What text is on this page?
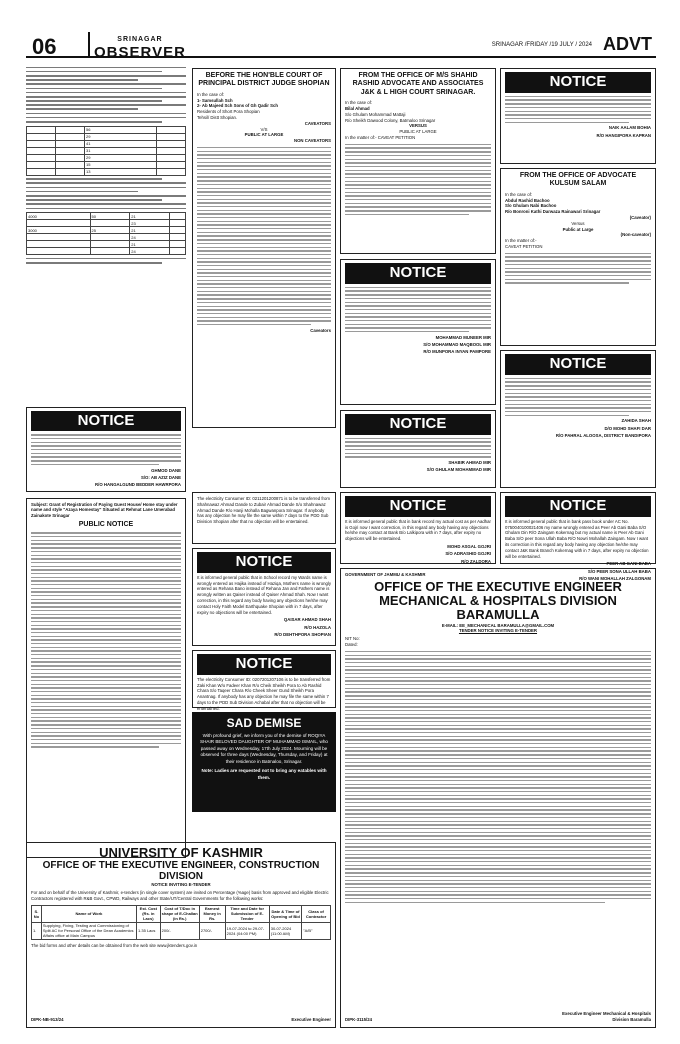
06	SRINAGAR
OBSERVER	SRINAGAR /FRIDAY /19 JULY / 2024 ADVT
		56	
		29	
		41	
		31	
		29	
		15	
		13	
4000	50	21	
		23	
3000	25	21	
		24	
		21	
		24	
NOTICE
GHMOD DANE
S/O: AB AZIZ DANE
R/O HANGALGUND BEDDER HAWRPORA
Subject: Grant of Registration of Paying Guest House/ Home stay under name and style "Azaya Homestay" Situated at Rehmat Lane Umerabad Zainakote Srinagar
PUBLIC NOTICE
BEFORE THE HON'BLE COURT OF PRINCIPAL DISTRICT JUDGE SHOPIAN
In the case of:
1- Samsullah Sch
2- Ab Majeed Sch Sons of Gh Qadir Sch
Residents of Short Pora Shopian
Tehsil/ Distt Shopian.
CAVEATORS
V/S
PUBLIC AT LARGE
NON CAVEATORS
Caveators
FROM THE OFFICE OF M/S SHAHID RASHID ADVOCATE AND ASSOCIATES J&K & L HIGH COURT SRINAGAR.
In the case of:
Bilal Ahmad
S/o Ghulam Mohammad Mattaji
R/o Sheikh Dawood Colony, Batmaloo Srinagar
VERSUS
PUBLIC AT LARGE
In the matter of:- CAVEAT PETITION
NOTICE
MOHAMMAD MUNEER MIR
S/O MOHAMMAD MAQBOOL MIR
R/O MUNPORA INYAN PAMPORE
NOTICE
SHABIR AHMAD MIR
S/O GHULAM MOHAMMAD MIR
NOTICE
NAIK AALAM BOHIA
R/O HANGIPORA KAPRAN
FROM THE OFFICE OF ADVOCATE KULSUM SALAM
In the case of:
Abdul Rashid Bachoo
S/o Ghulam Nabi Bachoo
R/o Bonroni Kathi Darwaza Rainawari Srinagar
(Caveator)
Versus
Public at Large
(Non-caveator)
In the matter of:-
CAVEAT PETITION
NOTICE
ZAHIDA SHAH
D/O MOHD SHAFI DAR
R/O PAHRAL ALOOSA, DISTRICT BANDIPORA
The electricity Consumer ID: 0211201200871 is to be transferred from Shahnawaz Ahmad Dande to Zubair Ahmad Dande S/o Shahnawaz Ahmad Dande R/o Hanji Mohalla Bagwanpora Srinagar. If anybody has any objection he may file the same within 7 days to the PDD Sub Division Shopian after that no objection will be entertained.
NOTICE
It is informed general public that in bank record my actual cost as per Aadhar is Gojri now I want correction, in this regard any body having any objections he/she may contact at Bank B/o Lalkipora with in 7 days, after expiry no objections will be entertained.
MOHD ASGAL GOJRI
S/O ADRASHID GOJRI
R/O ZALDORA
NOTICE
It is informed general public that in bank pass book under AC No. 0750040100021406 my name wrongly entered as Peer Ab Gani Baba S/O Ghulam Din R/O Zaingam Kokernag but my actual name is Peer Ab Gani Baba S/O peer Sona Ullah Baba R/O Nowri Mohallah Zaingam. Now I want its correction in this regard any body having any objection he/she may contact J&K Bank Branch Kokernag with in 7 days, after expiry no objection will be entertained.
PEER AB GANI BABA
S/O PEER SONA ULLAH BABA
R/O WANI MOHALLAH ZALGONAM
NOTICE
It is informed general public that in School record my Wards name is wrongly entered as Hajika instead of Haziqa, Mothers name is wrongly entered as Rehana Bano instead of Rehana Jan and Fathers name is wrongly written as Qaiser instead of Qaiser Ahmad Shah. Now I want correction, in this regard any body having any objections he/she may contact Holy Faith Model Earthquake Shopian with in 7 days, after expiry no objections will be entertained.
QAISAR AHMAD SHAH
R/O HAZOLA
R/O DEHTHPORA SHOPIAN
NOTICE
The electricity Consumer ID: 0207201207106 is to be transferred from Zaki Khan W/o Fadeer Khan R/o Cheik Sheikh Pora to Ab Rashid Chara S/o Taqeer Chara R/o Cheek Sheer Gund Sheikh Pora Anantnag. If anybody has any objection he may file the same within 7 days to the PDD Sub Division Achabal after that no objection will be entertained.
SAD DEMISE

With profound grief, we inform you of the demise of ROQIYA SHAIR BELOVED DAUGHTER OF MUHAMMAD ISMAIL, who passed away on Wednesday, 17th July 2024. Mourning will be observed for three days (Wednesday, Thursday, and Friday) at their residence in Batmaloo, Srinagar.

Note: Ladies are requested not to bring any eatables with them.

GOVERNMENT OF JAMMU & KASHMIR
OFFICE OF THE EXECUTIVE ENGINEER MECHANICAL & HOSPITALS DIVISION BARAMULLA
E-MAIL: EE_MECHANICAL BARAMULLA@GMAIL.COM
TENDER NOTICE INVITING E-TENDER
NIT No:
Dated:
DIPK-3115/24
Executive Engineer Mechanical & Hospitals Division Baramulla
UNIVERSITY OF KASHMIR
OFFICE OF THE EXECUTIVE ENGINEER, CONSTRUCTION DIVISION
NOTICE INVITING E-TENDER
For and on behalf of the University of Kashmir, e-tenders (in single cover system) are invited on Percentage (%age) basis from approved and eligible Electric Contractors registered with R&B Govt., CPWD, Railways and other State/UT/Central Governments for the following works:
S. No	Name of Work	Est. Cost (Rs. in Lacs)	Cost of T/Doc in shape of E-Challan (in Rs.)	Earnest Money in Rs.	Time and Date for Submission of E-Tender	Date & Time of Opening of Bid	Class of Contractor
1.	Supplying, Fixing, Testing and Commissioning of Split AC for Personal Office of the Dean Academics Affairs office at Main Campus	1.35 Lacs	200/-	2700/-	19-07-2024 to 29-07-2024 (04:00 PM)	30-07-2024 (11:00 AM)	"A/B"
The bid forms and other details can be obtained from the web site www.jktenders.gov.in
DIPK-NB-913/24	Executive Engineer
